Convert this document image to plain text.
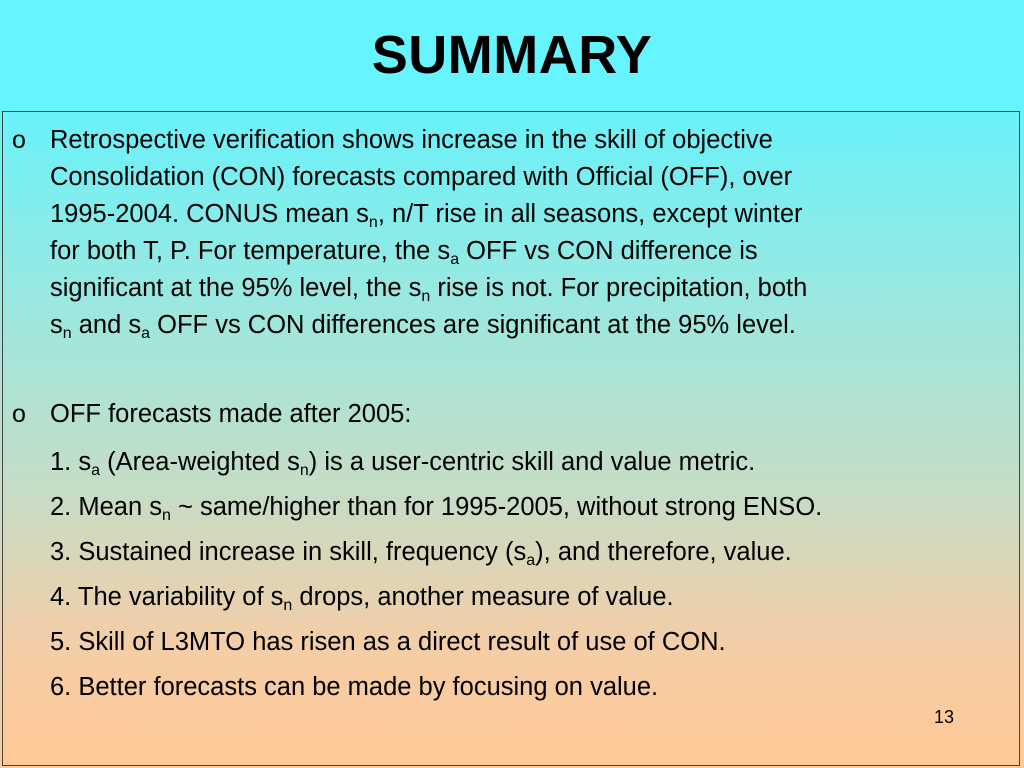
SUMMARY
o Retrospective verification shows increase in the skill of objective

Consolidation (CON) forecasts compared with Official (OFF), over

1995-2004. CONUS mean $s_n$, n/T rise in all seasons, except winter

for both T, P. For temperature, the $s_a$ OFF vs CON difference is

significant at the 95% level, the $s_n$ rise is not. For precipitation, both

$s_n$ and $s_a$ OFF vs CON differences are significant at the 95% level.

o OFF forecasts made after 2005:

1. $s_a$ (Area-weighted $s_n$) is a user-centric skill and value metric.
2. Mean $s_n$ ~ same/higher than for 1995-2005, without strong ENSO.
3. Sustained increase in skill, frequency $(s_a)$, and therefore, value.
4. The variability of $s_n$ drops, another measure of value.
5. Skill of L3MTO has risen as a direct result of use of CON.
6. Better forecasts can be made by focusing on value.
13
